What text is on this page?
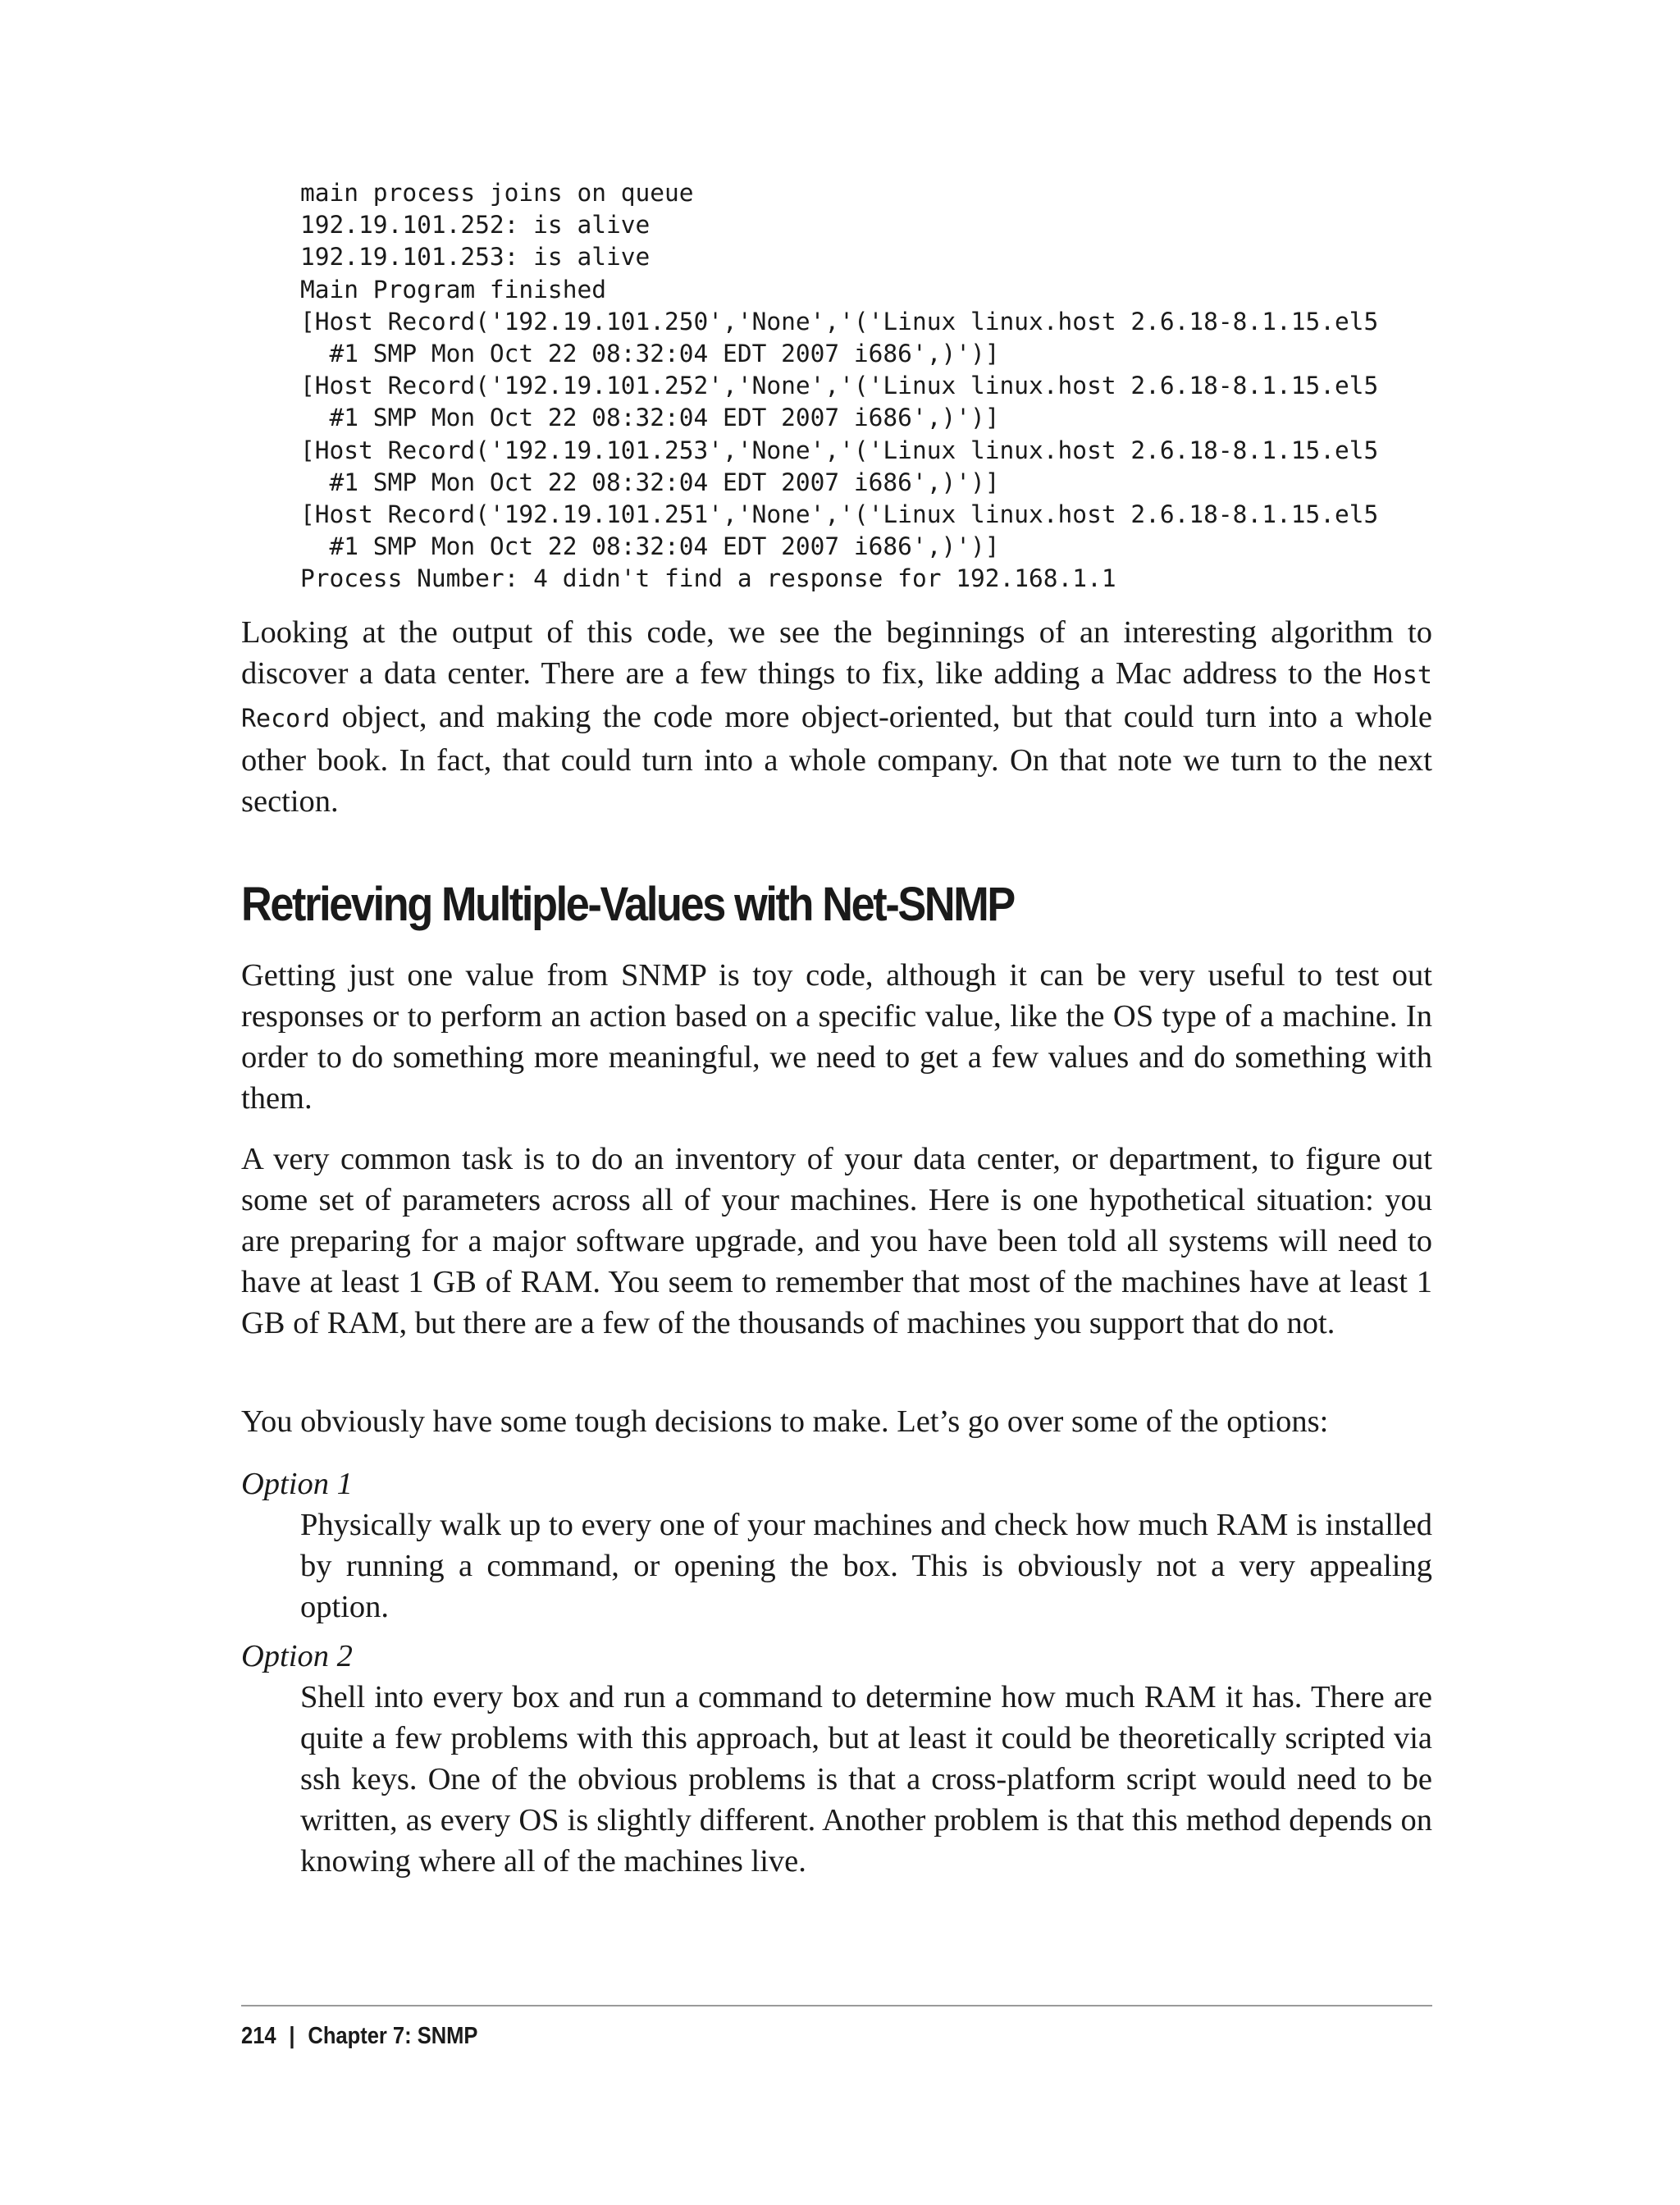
main process joins on queue
192.19.101.252: is alive
192.19.101.253: is alive
Main Program finished
[Host Record('192.19.101.250','None','('Linux linux.host 2.6.18-8.1.15.el5
#1 SMP Mon Oct 22 08:32:04 EDT 2007 i686',)')]
[Host Record('192.19.101.252','None','('Linux linux.host 2.6.18-8.1.15.el5
#1 SMP Mon Oct 22 08:32:04 EDT 2007 i686',)')]
[Host Record('192.19.101.253','None','('Linux linux.host 2.6.18-8.1.15.el5
#1 SMP Mon Oct 22 08:32:04 EDT 2007 i686',)')]
[Host Record('192.19.101.251','None','('Linux linux.host 2.6.18-8.1.15.el5
#1 SMP Mon Oct 22 08:32:04 EDT 2007 i686',)')]
Process Number: 4 didn't find a response for 192.168.1.1

Looking at the output of this code, we see the beginnings of an interesting algorithm to discover a data center. There are a few things to fix, like adding a Mac address to the Host Record object, and making the code more object-oriented, but that could turn into a whole other book. In fact, that could turn into a whole company. On that note we turn to the next section.

Retrieving Multiple-Values with Net-SNMP

Getting just one value from SNMP is toy code, although it can be very useful to test out responses or to perform an action based on a specific value, like the OS type of a machine. In order to do something more meaningful, we need to get a few values and do something with them.

A very common task is to do an inventory of your data center, or department, to figure out some set of parameters across all of your machines. Here is one hypothetical situation: you are preparing for a major software upgrade, and you have been told all systems will need to have at least 1 GB of RAM. You seem to remember that most of the machines have at least 1 GB of RAM, but there are a few of the thousands of machines you support that do not.

You obviously have some tough decisions to make. Let’s go over some of the options:

Option 1
Physically walk up to every one of your machines and check how much RAM is installed by running a command, or opening the box. This is obviously not a very appealing option.
Option 2
Shell into every box and run a command to determine how much RAM it has. There are quite a few problems with this approach, but at least it could be theoretically scripted via ssh keys. One of the obvious problems is that a cross-platform script would need to be written, as every OS is slightly different. Another problem is that this method depends on knowing where all of the machines live.
214 | Chapter 7: SNMP
